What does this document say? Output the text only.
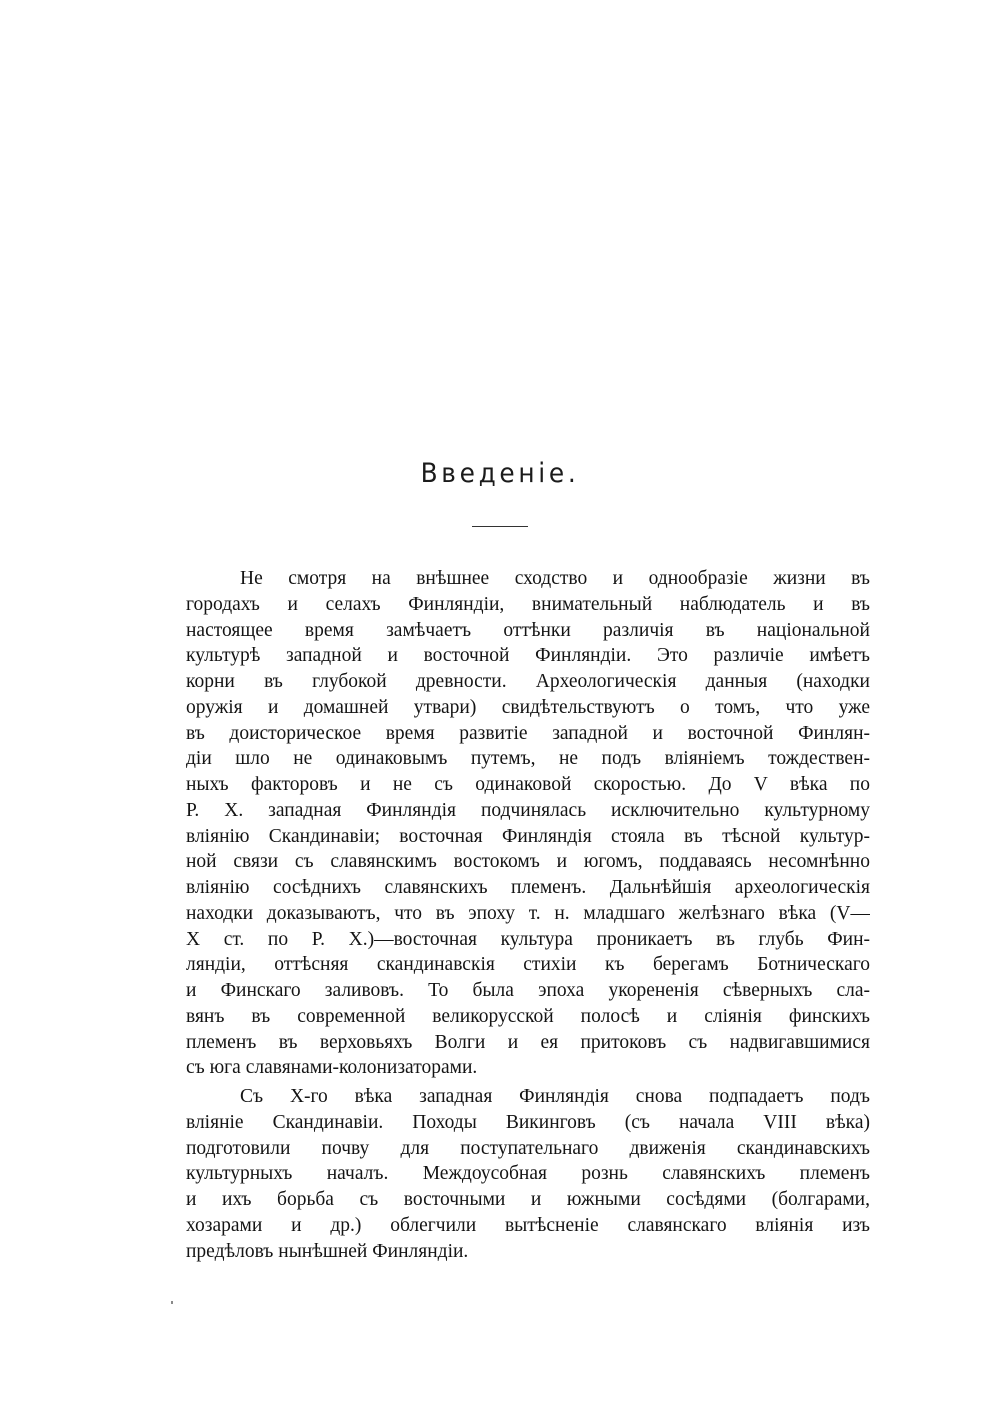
Введенiе.

Не смотря на внѣшнее сходство и однообразiе жизни въ
городахъ и селахъ Финляндiи, внимательный наблюдатель и въ
настоящее время замѣчаетъ оттѣнки различiя въ нацiональной
культурѣ западной и восточной Финляндiи. Это различiе имѣетъ
корни въ глубокой древности. Археологическiя данныя (находки
оружiя и домашней утвари) свидѣтельствуютъ о томъ, что уже
въ доисторическое время развитiе западной и восточной Финлян-
дiи шло не одинаковымъ путемъ, не подъ влiянiемъ тождествен-
ныхъ факторовъ и не съ одинаковой скоростью. До V вѣка по
Р. Х. западная Финляндiя подчинялась исключительно культурному
влiянiю Скандинавiи; восточная Финляндiя стояла въ тѣсной культур-
ной связи съ славянскимъ востокомъ и югомъ, поддаваясь несомнѣнно
влiянiю сосѣднихъ славянскихъ племенъ. Дальнѣйшiя археологическiя
находки доказываютъ, что въ эпоху т. н. младшаго желѣзнаго вѣка (V—
X ст. по Р. Х.)—восточная культура проникаетъ въ глубь Фин-
ляндiи, оттѣсняя скандинавскiя стихiи къ берегамъ Ботническаго
и Финскаго заливовъ. То была эпоха укорененiя сѣверныхъ сла-
вянъ въ современной великорусской полосѣ и слiянiя финскихъ
племенъ въ верховьяхъ Волги и ея притоковъ съ надвигавшимися
съ юга славянами-колонизаторами.

Съ Х-го вѣка западная Финляндiя снова подпадаетъ подъ
влiянiе Скандинавiи. Походы Викинговъ (съ начала VIII вѣка)
подготовили почву для поступательнаго движенiя скандинавскихъ
культурныхъ началъ. Междоусобная рознь славянскихъ племенъ
и ихъ борьба съ восточными и южными сосѣдями (болгарами,
хозарами и др.) облегчили вытѣсненiе славянскаго влiянiя изъ
предѣловъ нынѣшней Финляндiи.
